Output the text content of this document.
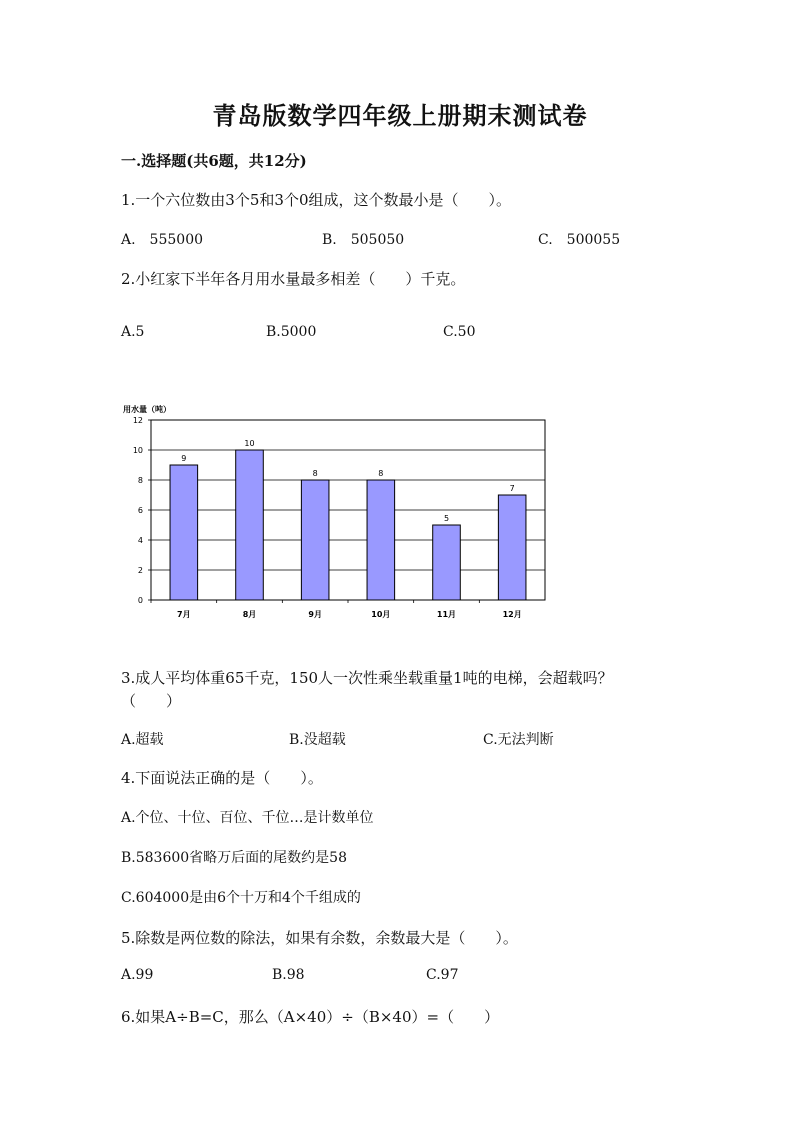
青岛版数学四年级上册期末测试卷
一.选择题(共6题，共12分)
1.一个六位数由3个5和3个0组成，这个数最小是（　　）。
A.　555000	B.　505050	C.　500055
2.小红家下半年各月用水量最多相差（　　）千克。
A.5	B.5000	C.50
用水量（吨）
0
2
4
6
8
10
12
9
7月
10
8月
8
9月
8
10月
5
11月
7
12月
3.成人平均体重65千克，150人一次性乘坐载重量1吨的电梯，会超载吗？
（　　）
A.超载	B.没超载	C.无法判断
4.下面说法正确的是（　　）。
A.个位、十位、百位、千位…是计数单位
B.583600省略万后面的尾数约是58
C.604000是由6个十万和4个千组成的
5.除数是两位数的除法，如果有余数，余数最大是（　　）。
A.99	B.98	C.97
6.如果A÷B=C，那么（A×40）÷（B×40）=（　　）
